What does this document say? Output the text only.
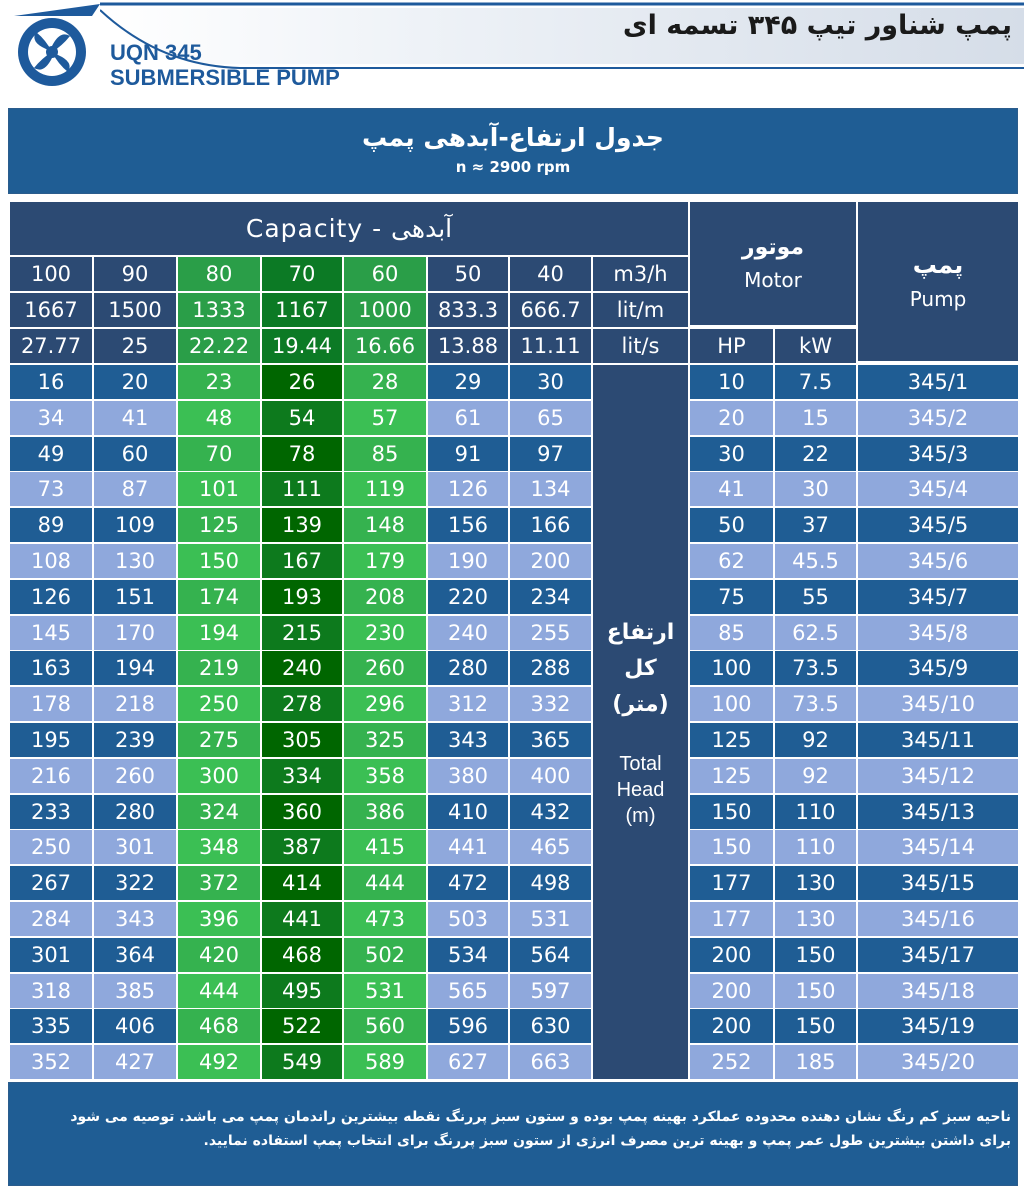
UQN 345
SUBMERSIBLE PUMP
پمپ شناور تیپ ۳۴۵ تسمه ای
جدول ارتفاع-آبدهی پمپ
n ≈ 2900 rpm
Capacity - آبدهی
100	90	80	70	60	50	40	m3/h
1667	1500	1333	1167	1000	833.3	666.7	lit/m
27.77	25	22.22	19.44	16.66	13.88	11.11	lit/s
موتور
Motor
HP	kW
پمپ
Pump
ارتفاع
کل
(متر)
Total
Head
(m)
16	20	23	26	28	29	30	10	7.5	345/1
34	41	48	54	57	61	65	20	15	345/2
49	60	70	78	85	91	97	30	22	345/3
73	87	101	111	119	126	134	41	30	345/4
89	109	125	139	148	156	166	50	37	345/5
108	130	150	167	179	190	200	62	45.5	345/6
126	151	174	193	208	220	234	75	55	345/7
145	170	194	215	230	240	255	85	62.5	345/8
163	194	219	240	260	280	288	100	73.5	345/9
178	218	250	278	296	312	332	100	73.5	345/10
195	239	275	305	325	343	365	125	92	345/11
216	260	300	334	358	380	400	125	92	345/12
233	280	324	360	386	410	432	150	110	345/13
250	301	348	387	415	441	465	150	110	345/14
267	322	372	414	444	472	498	177	130	345/15
284	343	396	441	473	503	531	177	130	345/16
301	364	420	468	502	534	564	200	150	345/17
318	385	444	495	531	565	597	200	150	345/18
335	406	468	522	560	596	630	200	150	345/19
352	427	492	549	589	627	663	252	185	345/20
ناحیه سبز کم رنگ نشان دهنده محدوده عملکرد بهینه پمپ بوده و ستون سبز پررنگ نقطه بیشترین راندمان پمپ می باشد. توصیه می شود
برای داشتن بیشترین طول عمر پمپ و بهینه ترین مصرف انرژی از ستون سبز پررنگ برای انتخاب پمپ استفاده نمایید.
